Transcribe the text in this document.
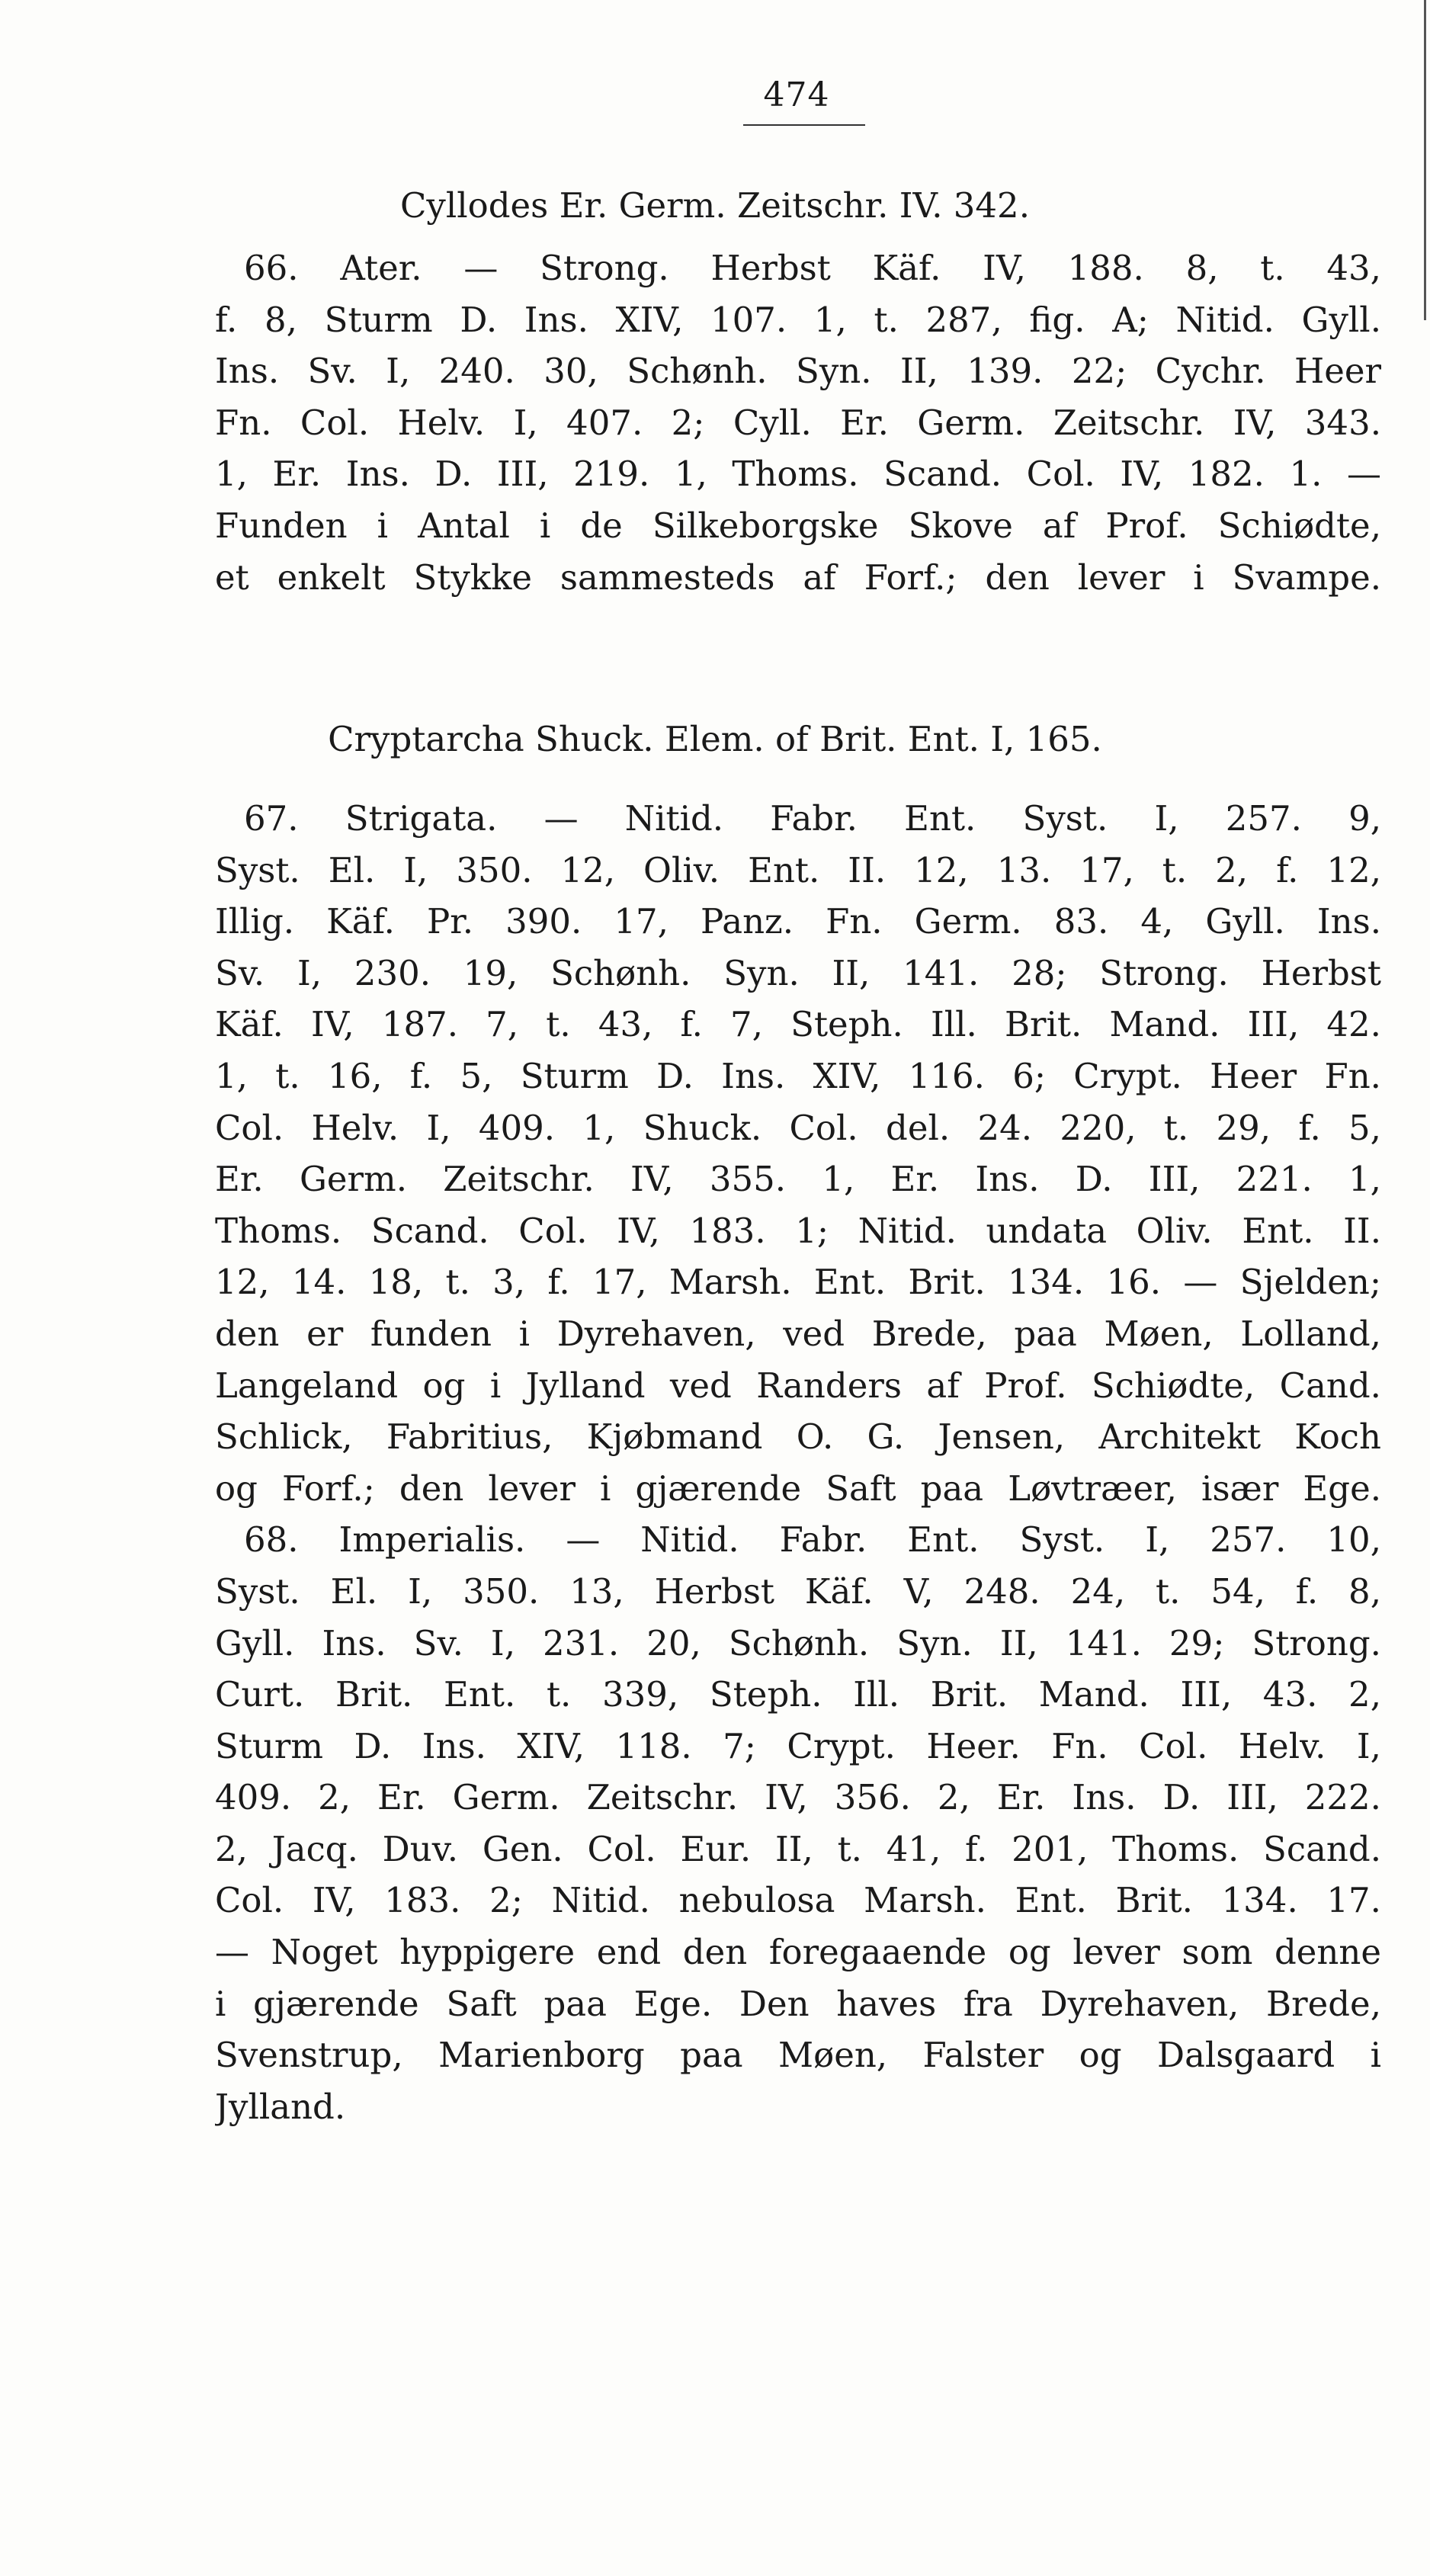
474
Cyllodes Er. Germ. Zeitschr. IV. 342.
66. Ater. — Strong. Herbst Käf. IV, 188. 8, t. 43,
f. 8, Sturm D. Ins. XIV, 107. 1, t. 287, fig. A; Nitid. Gyll.
Ins. Sv. I, 240. 30, Schønh. Syn. II, 139. 22; Cychr. Heer
Fn. Col. Helv. I, 407. 2; Cyll. Er. Germ. Zeitschr. IV, 343.
1, Er. Ins. D. III, 219. 1, Thoms. Scand. Col. IV, 182. 1. —
Funden i Antal i de Silkeborgske Skove af Prof. Schiødte,
et enkelt Stykke sammesteds af Forf.; den lever i Svampe.
Cryptarcha Shuck. Elem. of Brit. Ent. I, 165.
67. Strigata. — Nitid. Fabr. Ent. Syst. I, 257. 9,
Syst. El. I, 350. 12, Oliv. Ent. II. 12, 13. 17, t. 2, f. 12,
Illig. Käf. Pr. 390. 17, Panz. Fn. Germ. 83. 4, Gyll. Ins.
Sv. I, 230. 19, Schønh. Syn. II, 141. 28; Strong. Herbst
Käf. IV, 187. 7, t. 43, f. 7, Steph. Ill. Brit. Mand. III, 42.
1, t. 16, f. 5, Sturm D. Ins. XIV, 116. 6; Crypt. Heer Fn.
Col. Helv. I, 409. 1, Shuck. Col. del. 24. 220, t. 29, f. 5,
Er. Germ. Zeitschr. IV, 355. 1, Er. Ins. D. III, 221. 1,
Thoms. Scand. Col. IV, 183. 1; Nitid. undata Oliv. Ent. II.
12, 14. 18, t. 3, f. 17, Marsh. Ent. Brit. 134. 16. — Sjelden;
den er funden i Dyrehaven, ved Brede, paa Møen, Lolland,
Langeland og i Jylland ved Randers af Prof. Schiødte, Cand.
Schlick, Fabritius, Kjøbmand O. G. Jensen, Architekt Koch
og Forf.; den lever i gjærende Saft paa Løvtræer, især Ege.
68. Imperialis. — Nitid. Fabr. Ent. Syst. I, 257. 10,
Syst. El. I, 350. 13, Herbst Käf. V, 248. 24, t. 54, f. 8,
Gyll. Ins. Sv. I, 231. 20, Schønh. Syn. II, 141. 29; Strong.
Curt. Brit. Ent. t. 339, Steph. Ill. Brit. Mand. III, 43. 2,
Sturm D. Ins. XIV, 118. 7; Crypt. Heer. Fn. Col. Helv. I,
409. 2, Er. Germ. Zeitschr. IV, 356. 2, Er. Ins. D. III, 222.
2, Jacq. Duv. Gen. Col. Eur. II, t. 41, f. 201, Thoms. Scand.
Col. IV, 183. 2; Nitid. nebulosa Marsh. Ent. Brit. 134. 17.
— Noget hyppigere end den foregaaende og lever som denne
i gjærende Saft paa Ege. Den haves fra Dyrehaven, Brede,
Svenstrup, Marienborg paa Møen, Falster og Dalsgaard i
Jylland.
